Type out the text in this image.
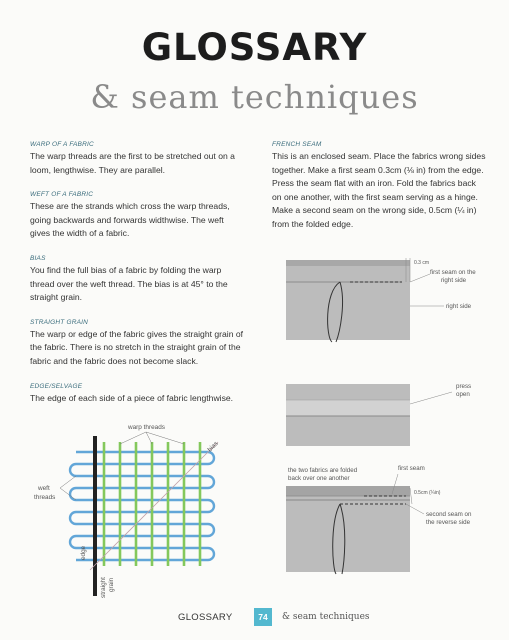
GLOSSARY
& seam techniques
WARP OF A FABRIC
The warp threads are the first to be stretched out on a
loom, lengthwise. They are parallel.
WEFT OF A FABRIC
These are the strands which cross the warp threads,
going backwards and forwards widthwise. The weft
gives the width of a fabric.
BIAS
You find the full bias of a fabric by folding the warp
thread over the weft thread. The bias is at 45° to the
straight grain.
STRAIGHT GRAIN
The warp or edge of the fabric gives the straight grain of
the fabric. There is no stretch in the straight grain of the
fabric and the fabric does not become slack.
EDGE/SELVAGE
The edge of each side of a piece of fabric lengthwise.
FRENCH SEAM
This is an enclosed seam. Place the fabrics wrong sides
together. Make a first seam 0.3cm (⅛ in) from the edge.
Press the seam flat with an iron. Fold the fabrics back
on one another, with the first seam serving as a hinge.
Make a second seam on the wrong side, 0.5cm (¼ in)
from the folded edge.
warp threads
weft
threads
bias
edge
straight grain
0.3 cm
first seam on the
right side
right side
press
open
the two fabrics are folded
back over one another
first seam
0.5cm (¼in)
second seam on
the reverse side
GLOSSARY	74	& seam techniques
